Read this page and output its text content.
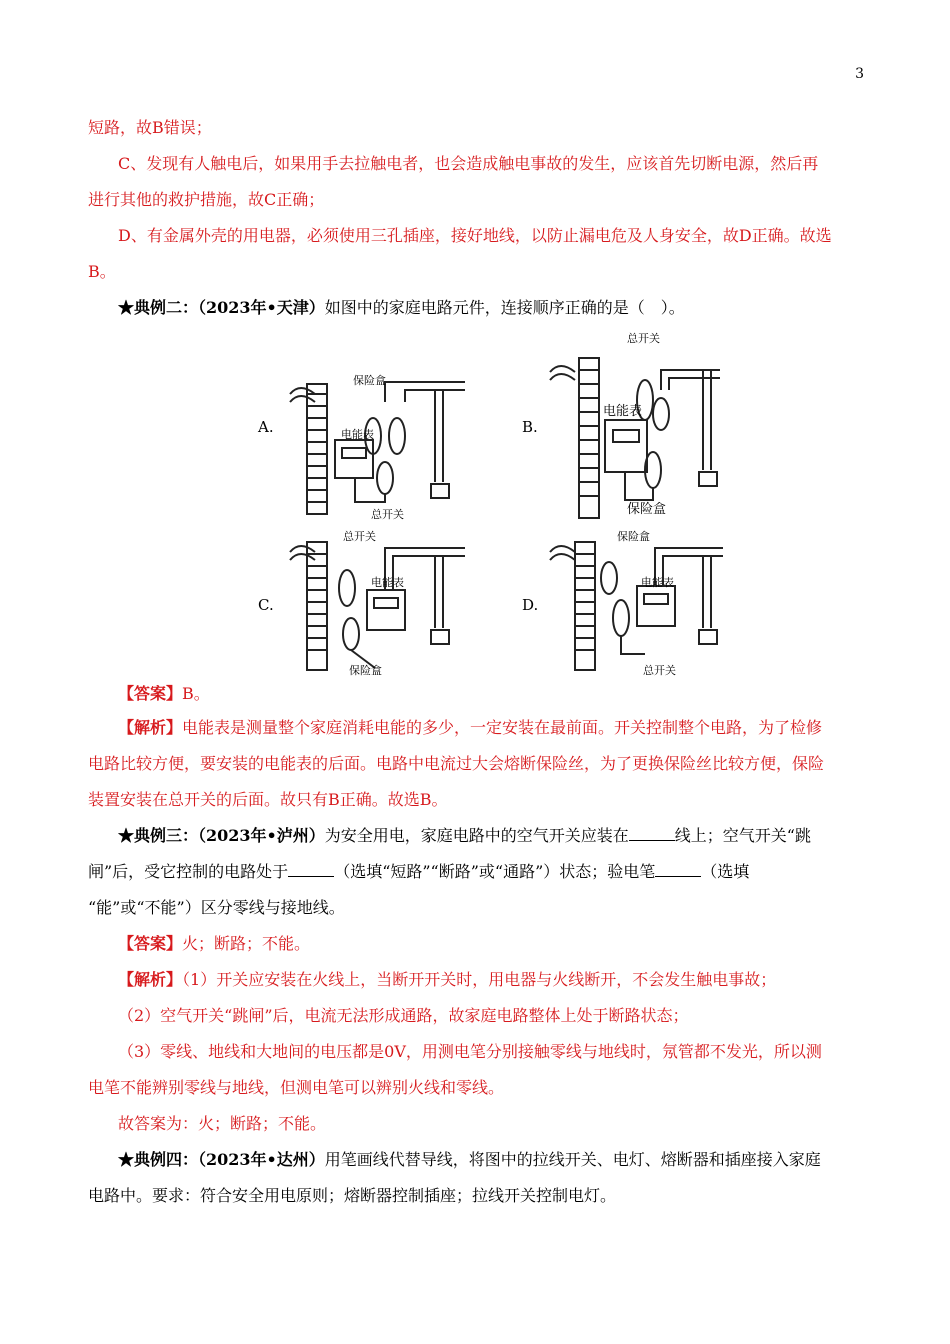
3
短路，故B错误；
C、发现有人触电后，如果用手去拉触电者，也会造成触电事故的发生，应该首先切断电源，然后再
进行其他的救护措施，故C正确；
D、有金属外壳的用电器，必须使用三孔插座，接好地线，以防止漏电危及人身安全，故D正确。故选
B。
★典例二：（2023年•天津）如图中的家庭电路元件，连接顺序正确的是（　）。
A.	B.
C.	D.
保险盒
电能表
总开关
总开关
电能表
保险盒
总开关
电能表
保险盒
保险盒
电能表
总开关
【答案】B。
【解析】电能表是测量整个家庭消耗电能的多少，一定安装在最前面。开关控制整个电路，为了检修
电路比较方便，要安装的电能表的后面。电路中电流过大会熔断保险丝，为了更换保险丝比较方便，保险
装置安装在总开关的后面。故只有B正确。故选B。
★典例三：（2023年•泸州）为安全用电，家庭电路中的空气开关应装在	线上；空气开关“跳
闸”后，受它控制的电路处于	（选填“短路”“断路”或“通路”）状态；验电笔	（选填
“能”或“不能”）区分零线与接地线。
【答案】火；断路；不能。
【解析】（1）开关应安装在火线上，当断开开关时，用电器与火线断开，不会发生触电事故；
（2）空气开关“跳闸”后，电流无法形成通路，故家庭电路整体上处于断路状态；
（3）零线、地线和大地间的电压都是0V，用测电笔分别接触零线与地线时，氖管都不发光，所以测
电笔不能辨别零线与地线，但测电笔可以辨别火线和零线。
故答案为：火；断路；不能。
★典例四：（2023年•达州）用笔画线代替导线，将图中的拉线开关、电灯、熔断器和插座接入家庭
电路中。要求：符合安全用电原则；熔断器控制插座；拉线开关控制电灯。
